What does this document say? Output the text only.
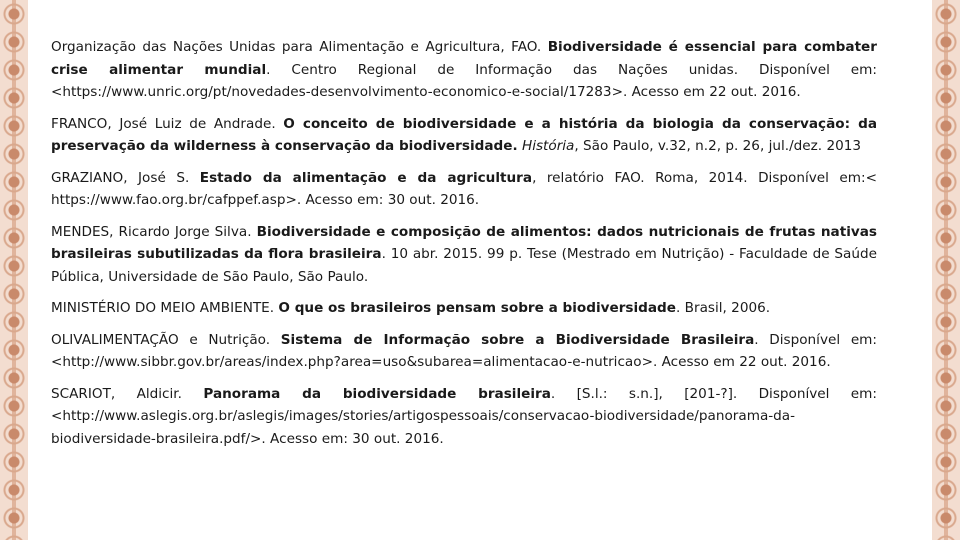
Organização das Nações Unidas para Alimentação e Agricultura, FAO. Biodiversidade é essencial para combater crise alimentar mundial. Centro Regional de Informação das Nações unidas. Disponível em: <https://www.unric.org/pt/novedades-desenvolvimento-economico-e-social/17283>. Acesso em 22 out. 2016.

FRANCO, José Luiz de Andrade. O conceito de biodiversidade e a história da biologia da conservação: da preservação da wilderness à conservação da biodiversidade. História, São Paulo, v.32, n.2, p. 26, jul./dez. 2013

GRAZIANO, José S. Estado da alimentação e da agricultura, relatório FAO. Roma, 2014. Disponível em:< https://www.fao.org.br/cafppef.asp>. Acesso em: 30 out. 2016.

MENDES, Ricardo Jorge Silva. Biodiversidade e composição de alimentos: dados nutricionais de frutas nativas brasileiras subutilizadas da flora brasileira. 10 abr. 2015. 99 p. Tese (Mestrado em Nutrição) - Faculdade de Saúde Pública, Universidade de São Paulo, São Paulo.

MINISTÉRIO DO MEIO AMBIENTE. O que os brasileiros pensam sobre a biodiversidade. Brasil, 2006.

OLIVALIMENTAÇÃO e Nutrição. Sistema de Informação sobre a Biodiversidade Brasileira. Disponível em: <http://www.sibbr.gov.br/areas/index.php?area=uso&subarea=alimentacao-e-nutricao>. Acesso em 22 out. 2016.

SCARIOT, Aldicir. Panorama da biodiversidade brasileira. [S.l.: s.n.], [201-?]. Disponível em: <http://www.aslegis.org.br/aslegis/images/stories/artigospessoais/conservacao-biodiversidade/panorama-da-biodiversidade-brasileira.pdf/>. Acesso em: 30 out. 2016.
